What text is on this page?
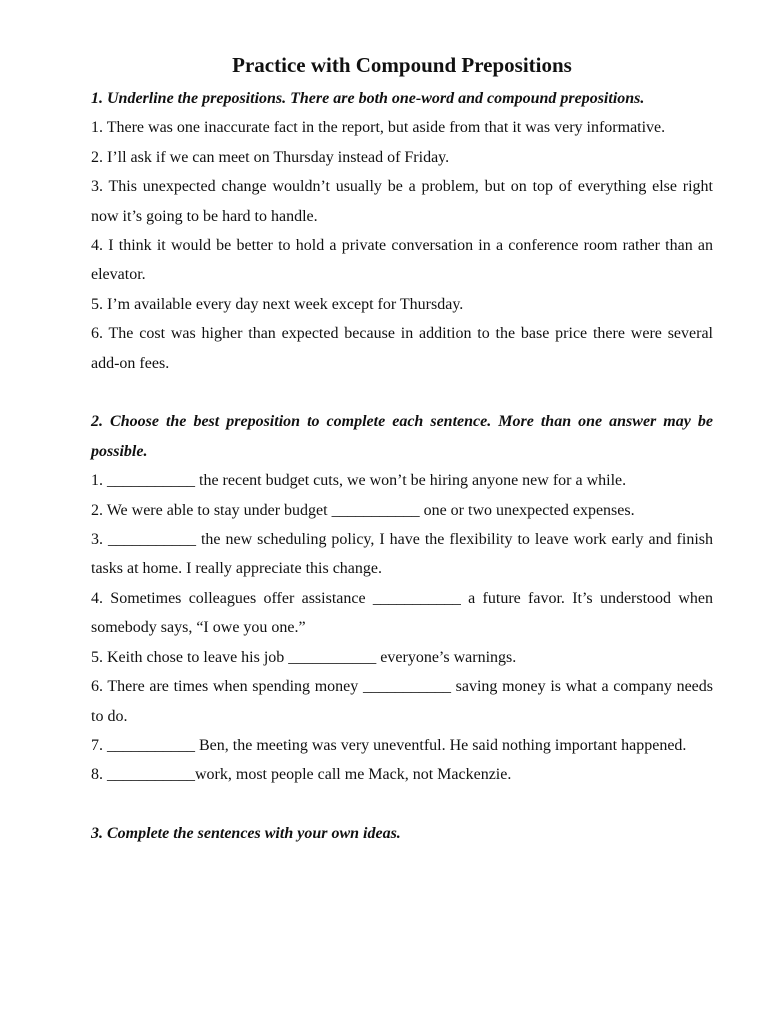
Practice with Compound Prepositions

1. Underline the prepositions. There are both one-word and compound prepositions.

1. There was one inaccurate fact in the report, but aside from that it was very informative.

2. I’ll ask if we can meet on Thursday instead of Friday.

3. This unexpected change wouldn’t usually be a problem, but on top of everything else right now it’s going to be hard to handle.

4. I think it would be better to hold a private conversation in a conference room rather than an elevator.

5. I’m available every day next week except for Thursday.

6. The cost was higher than expected because in addition to the base price there were several add-on fees.

2. Choose the best preposition to complete each sentence. More than one answer may be possible.

1. ___________ the recent budget cuts, we won’t be hiring anyone new for a while.

2. We were able to stay under budget ___________ one or two unexpected expenses.

3. ___________ the new scheduling policy, I have the flexibility to leave work early and finish tasks at home. I really appreciate this change.

4. Sometimes colleagues offer assistance ___________ a future favor. It’s understood when somebody says, “I owe you one.”

5. Keith chose to leave his job ___________ everyone’s warnings.

6. There are times when spending money ___________ saving money is what a company needs to do.

7. ___________ Ben, the meeting was very uneventful. He said nothing important happened.

8. ___________work, most people call me Mack, not Mackenzie.

3. Complete the sentences with your own ideas.
